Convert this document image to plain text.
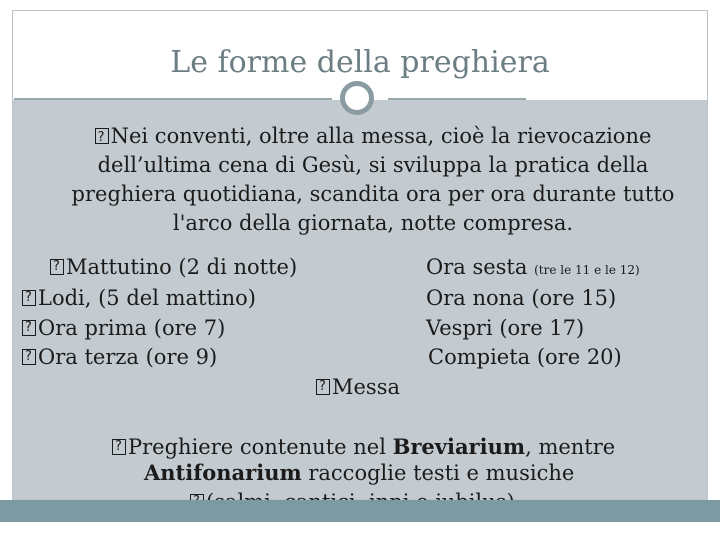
Le forme della preghiera
?Nei conventi, oltre alla messa, cioè la rievocazione dell’ultima cena di Gesù, si sviluppa la pratica della preghiera quotidiana, scandita ora per ora durante tutto l'arco della giornata, notte compresa.
?Mattutino (2 di notte)
?Lodi, (5 del mattino)
?Ora prima (ore 7)
?Ora terza (ore 9)
Ora sesta (tre le 11 e le 12)
Ora nona (ore 15)
Vespri (ore 17)
Compieta (ore 20)
?Messa
?Preghiere contenute nel Breviarium, mentre
Antifonarium raccoglie testi e musiche
?
